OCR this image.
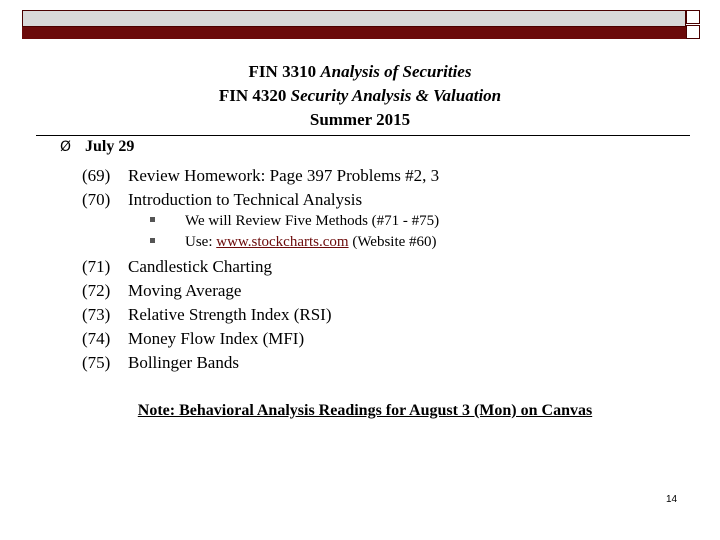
FIN 3310 Analysis of Securities
FIN 4320 Security Analysis & Valuation
Summer 2015
Ø July 29
(69) Review Homework: Page 397 Problems #2, 3
(70) Introduction to Technical Analysis
We will Review Five Methods (#71 - #75)
Use: www.stockcharts.com (Website #60)
(71) Candlestick Charting
(72) Moving Average
(73) Relative Strength Index (RSI)
(74) Money Flow Index (MFI)
(75) Bollinger Bands
Note: Behavioral Analysis Readings for August 3 (Mon) on Canvas
14
